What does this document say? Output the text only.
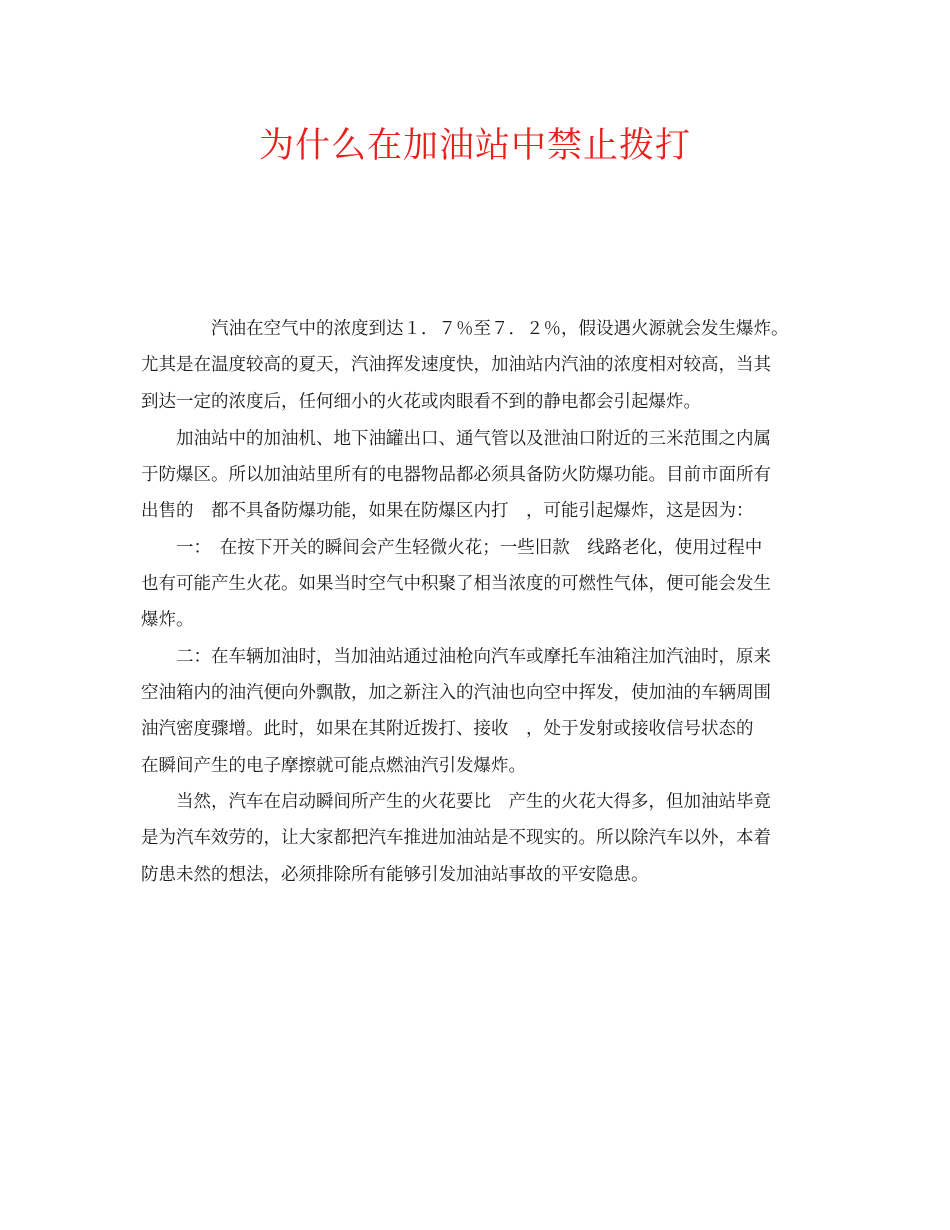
为什么在加油站中禁止拨打

　　　　汽油在空气中的浓度到达１．７％至７．２％，假设遇火源就会发生爆炸。

尤其是在温度较高的夏天，汽油挥发速度快，加油站内汽油的浓度相对较高，当其

到达一定的浓度后，任何细小的火花或肉眼看不到的静电都会引起爆炸。

　　加油站中的加油机、地下油罐出口、通气管以及泄油口附近的三米范围之内属

于防爆区。所以加油站里所有的电器物品都必须具备防火防爆功能。目前市面所有

出售的　都不具备防爆功能，如果在防爆区内打　，可能引起爆炸，这是因为：

　　一：　在按下开关的瞬间会产生轻微火花；一些旧款　线路老化，使用过程中

也有可能产生火花。如果当时空气中积聚了相当浓度的可燃性气体，便可能会发生

爆炸。

　　二：在车辆加油时，当加油站通过油枪向汽车或摩托车油箱注加汽油时，原来

空油箱内的油汽便向外飘散，加之新注入的汽油也向空中挥发，使加油的车辆周围

油汽密度骤增。此时，如果在其附近拨打、接收　，处于发射或接收信号状态的

在瞬间产生的电子摩擦就可能点燃油汽引发爆炸。

　　当然，汽车在启动瞬间所产生的火花要比　产生的火花大得多，但加油站毕竟

是为汽车效劳的，让大家都把汽车推进加油站是不现实的。所以除汽车以外，本着

防患未然的想法，必须排除所有能够引发加油站事故的平安隐患。
